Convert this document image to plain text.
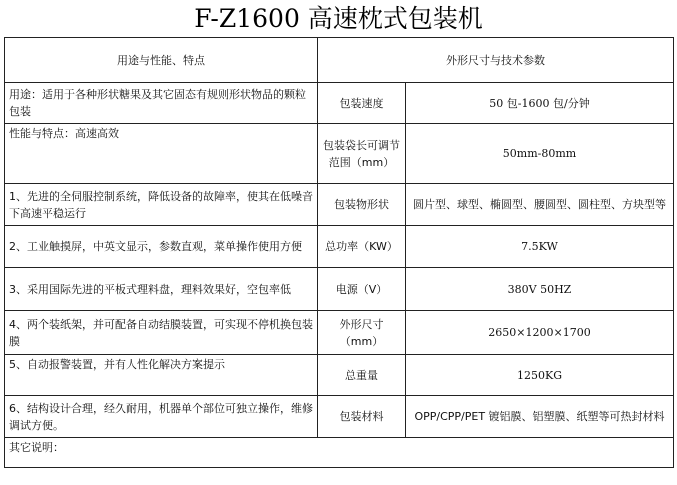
F-Z1600 高速枕式包装机
用途与性能、特点	外形尺寸与技术参数	
用途：适用于各种形状糖果及其它固态有规则形状物品的颗粒包装	包装速度	50 包-1600 包/分钟
性能与特点：高速高效	包装袋长可调节范围（mm）	50mm-80mm
1、先进的全伺服控制系统，降低设备的故障率，使其在低噪音下高速平稳运行	包装物形状	圆片型、球型、椭圆型、腰圆型、圆柱型、方块型等
2、工业触摸屏，中英文显示，参数直观，菜单操作使用方便	总功率（KW）	7.5KW
3、采用国际先进的平板式理料盘，理料效果好，空包率低	电源（V）	380V 50HZ
4、两个装纸架，并可配备自动结膜装置，可实现不停机换包装膜	外形尺寸（mm）	2650×1200×1700
5、自动报警装置，并有人性化解决方案提示	总重量	1250KG
6、结构设计合理，经久耐用，机器单个部位可独立操作，维修调试方便。	包装材料	OPP/CPP/PET 镀铝膜、铝塑膜、纸塑等可热封材料
其它说明：		
